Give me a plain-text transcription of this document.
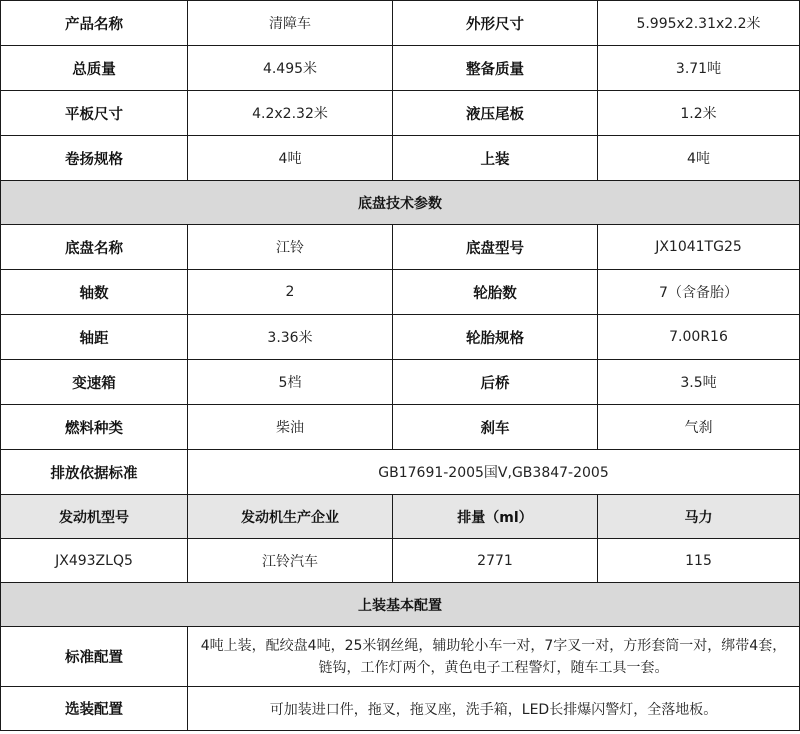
产品名称	清障车	外形尺寸	5.995x2.31x2.2米
总质量	4.495米	整备质量	3.71吨
平板尺寸	4.2x2.32米	液压尾板	1.2米
卷扬规格	4吨	上装	4吨
底盘技术参数			
底盘名称	江铃	底盘型号	JX1041TG25
轴数	2	轮胎数	7（含备胎）
轴距	3.36米	轮胎规格	7.00R16
变速箱	5档	后桥	3.5吨
燃料种类	柴油	刹车	气刹
排放依据标准	GB17691-2005国Ⅴ,GB3847-2005		
发动机型号	发动机生产企业	排量（ml）	马力
JX493ZLQ5	江铃汽车	2771	115
上装基本配置			
标准配置	4吨上装，配绞盘4吨，25米钢丝绳，辅助轮小车一对，7字叉一对，方形套筒一对，绑带4套，链钩，工作灯两个，黄色电子工程警灯，随车工具一套。		
选装配置	可加装进口件，拖叉，拖叉座，洗手箱，LED长排爆闪警灯，全落地板。		
